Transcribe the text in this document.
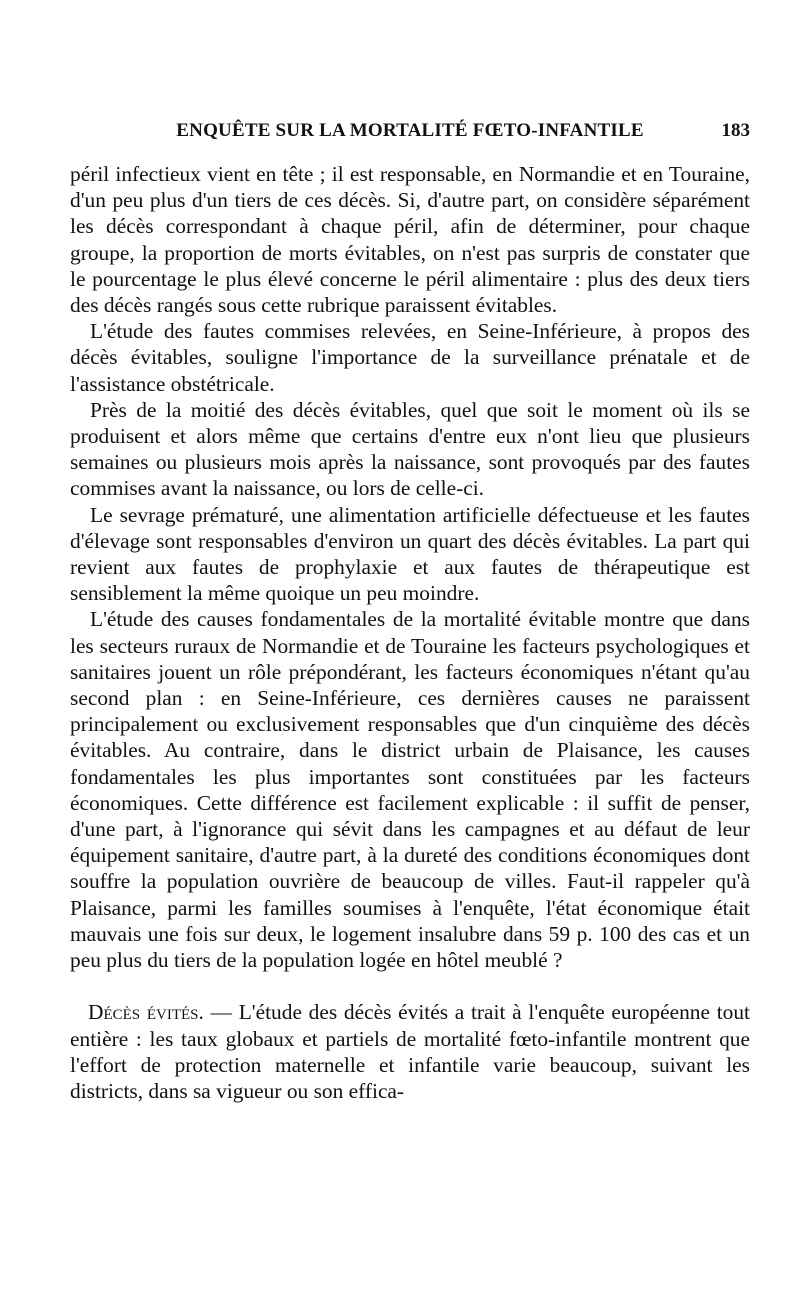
ENQUÊTE SUR LA MORTALITÉ FŒTO-INFANTILE	183

péril infectieux vient en tête ; il est responsable, en Normandie et en Touraine, d'un peu plus d'un tiers de ces décès. Si, d'autre part, on considère séparément les décès correspondant à chaque péril, afin de déterminer, pour chaque groupe, la proportion de morts évitables, on n'est pas surpris de constater que le pourcentage le plus élevé concerne le péril alimentaire : plus des deux tiers des décès rangés sous cette rubrique paraissent évitables.

L'étude des fautes commises relevées, en Seine-Inférieure, à propos des décès évitables, souligne l'importance de la surveillance prénatale et de l'assistance obstétricale.

Près de la moitié des décès évitables, quel que soit le moment où ils se produisent et alors même que certains d'entre eux n'ont lieu que plusieurs semaines ou plusieurs mois après la naissance, sont provoqués par des fautes commises avant la naissance, ou lors de celle-ci.

Le sevrage prématuré, une alimentation artificielle défectueuse et les fautes d'élevage sont responsables d'environ un quart des décès évitables. La part qui revient aux fautes de prophylaxie et aux fautes de thérapeutique est sensiblement la même quoique un peu moindre.

L'étude des causes fondamentales de la mortalité évitable montre que dans les secteurs ruraux de Normandie et de Touraine les facteurs psychologiques et sanitaires jouent un rôle prépondérant, les facteurs économiques n'étant qu'au second plan : en Seine-Inférieure, ces dernières causes ne paraissent principalement ou exclusivement responsables que d'un cinquième des décès évitables. Au contraire, dans le district urbain de Plaisance, les causes fondamentales les plus importantes sont constituées par les facteurs économiques. Cette différence est facilement explicable : il suffit de penser, d'une part, à l'ignorance qui sévit dans les campagnes et au défaut de leur équipement sanitaire, d'autre part, à la dureté des conditions économiques dont souffre la population ouvrière de beaucoup de villes. Faut-il rappeler qu'à Plaisance, parmi les familles soumises à l'enquête, l'état économique était mauvais une fois sur deux, le logement insalubre dans 59 p. 100 des cas et un peu plus du tiers de la population logée en hôtel meublé ?

Décès évités. — L'étude des décès évités a trait à l'enquête européenne tout entière : les taux globaux et partiels de mortalité fœto-infantile montrent que l'effort de protection maternelle et infantile varie beaucoup, suivant les districts, dans sa vigueur ou son effica-
